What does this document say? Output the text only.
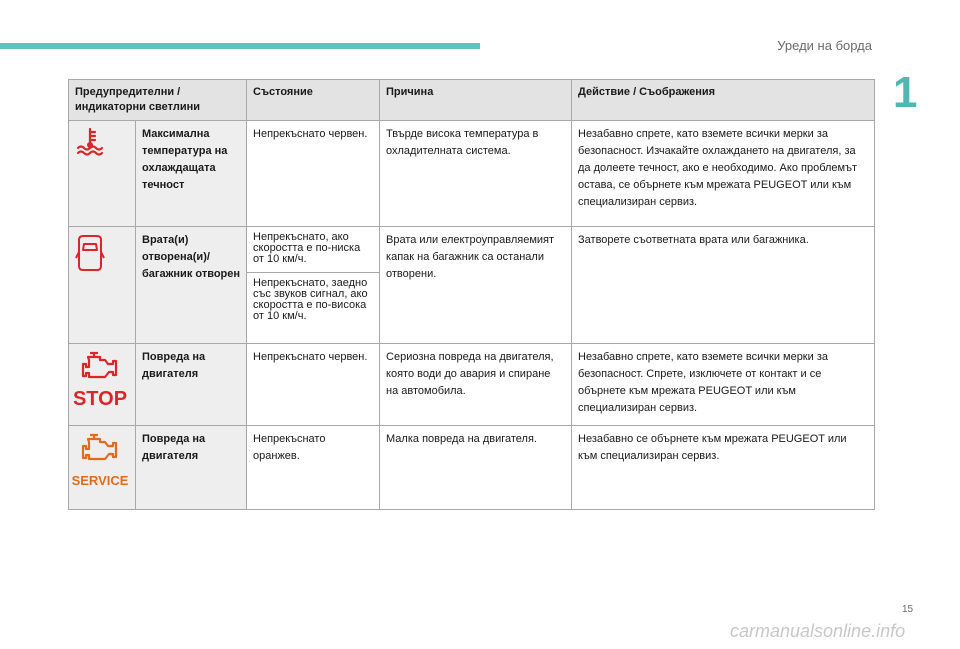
Уреди на борда
1
Предупредителни / индикаторни светлини		Състояние	Причина	Действие / Съображения
	Максимална температура на охлаждащата течност	Непрекъснато червен.	Твърде висока температура в охладителната система.	Незабавно спрете, като вземете всички мерки за безопасност. Изчакайте охлаждането на двигателя, за да долеете течност, ако е необходимо. Ако проблемът остава, се обърнете към мрежата PEUGEOT или към специализиран сервиз.
	Врата(и) отворена(и)/ багажник отворен	Непрекъснато, ако скоростта е по-ниска от 10 км/ч.	Врата или електроуправляемият капак на багажник са останали отворени.	Затворете съответната врата или багажника.
		Непрекъснато, заедно със звуков сигнал, ако скоростта е по-висока от 10 км/ч.		

STOP	Повреда на двигателя	Непрекъснато червен.	Сериозна повреда на двигателя, която води до авария и спиране на автомобила.	Незабавно спрете, като вземете всички мерки за безопасност. Спрете, изключете от контакт и се обърнете към мрежата PEUGEOT или към специализиран сервиз.

SERVICE	Повреда на двигателя	Непрекъснато оранжев.	Малка повреда на двигателя.	Незабавно се обърнете към мрежата PEUGEOT или към специализиран сервиз.
15
carmanualsonline.info
